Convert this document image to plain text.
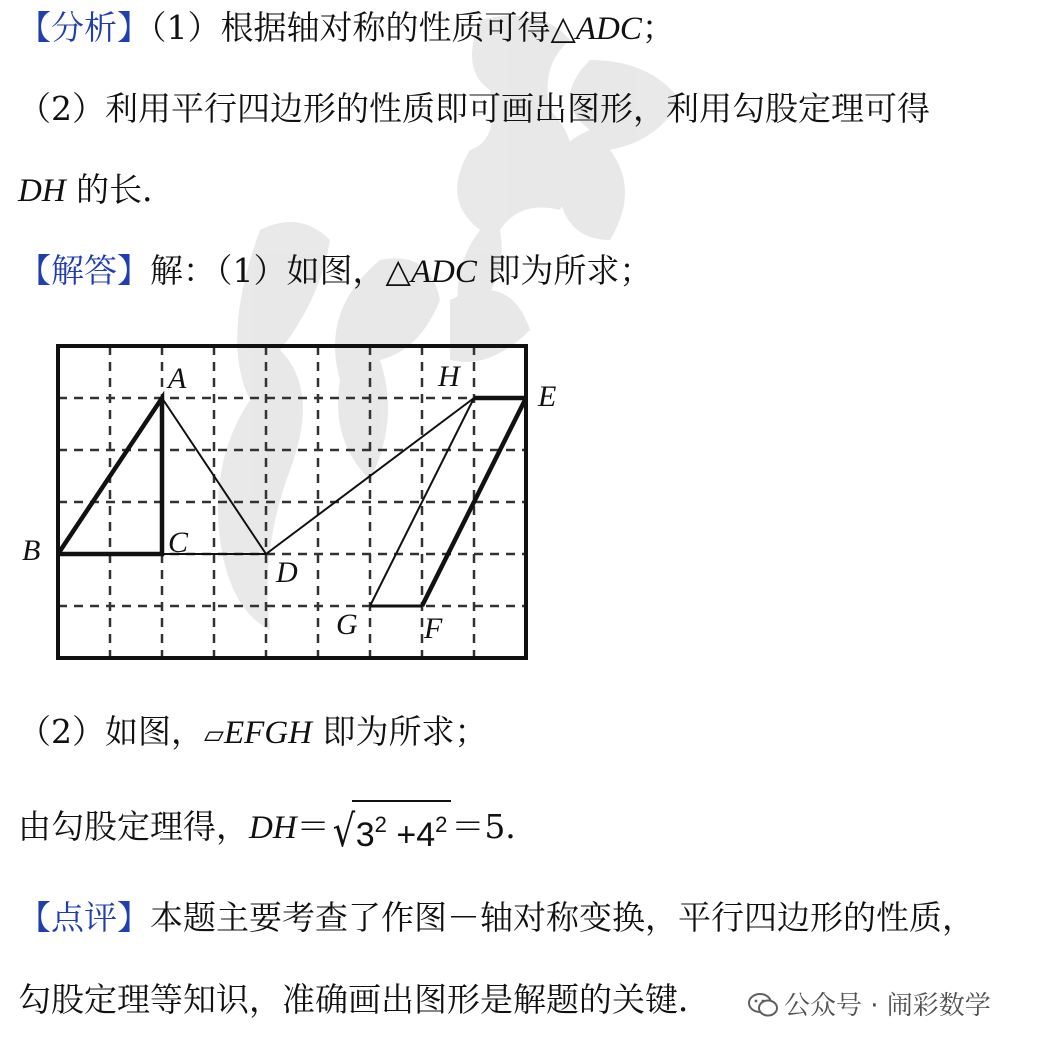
【分析】（1）根据轴对称的性质可得△ADC；
（2）利用平行四边形的性质即可画出图形，利用勾股定理可得
DH 的长．
【解答】解：（1）如图，△ADC 即为所求；
A
B	C
D
E
F
G
H
（2）如图，▱EFGH 即为所求；
由勾股定理得，$DH=√3^2 +4^2 =5$．
【点评】本题主要考查了作图－轴对称变换，平行四边形的性质，
勾股定理等知识，准确画出图形是解题的关键．	公众号 · 闹彩数学
